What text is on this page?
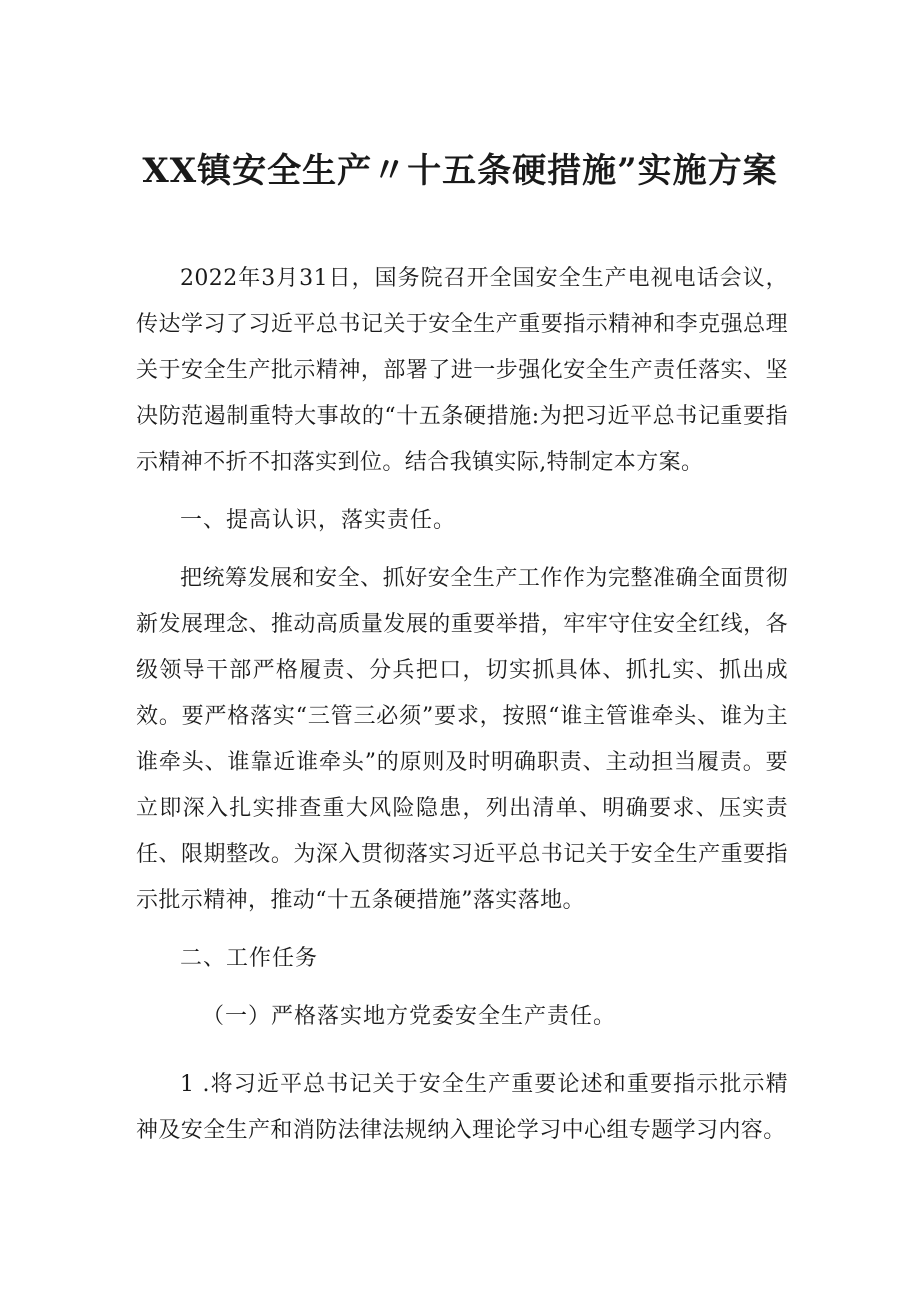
XX镇安全生产〃十五条硬措施”实施方案

2022年3月31日，国务院召开全国安全生产电视电话会议，传达学习了习近平总书记关于安全生产重要指示精神和李克强总理关于安全生产批示精神，部署了进一步强化安全生产责任落实、坚决防范遏制重特大事故的“十五条硬措施:为把习近平总书记重要指示精神不折不扣落实到位。结合我镇实际,特制定本方案。

一、提高认识，落实责任。

把统筹发展和安全、抓好安全生产工作作为完整准确全面贯彻新发展理念、推动高质量发展的重要举措，牢牢守住安全红线，各级领导干部严格履责、分兵把口，切实抓具体、抓扎实、抓出成效。要严格落实“三管三必须”要求，按照“谁主管谁牵头、谁为主谁牵头、谁靠近谁牵头”的原则及时明确职责、主动担当履责。要立即深入扎实排查重大风险隐患，列出清单、明确要求、压实责任、限期整改。为深入贯彻落实习近平总书记关于安全生产重要指示批示精神，推动“十五条硬措施”落实落地。

二、工作任务

（一）严格落实地方党委安全生产责任。

1 .将习近平总书记关于安全生产重要论述和重要指示批示精神及安全生产和消防法律法规纳入理论学习中心组专题学习内容。
